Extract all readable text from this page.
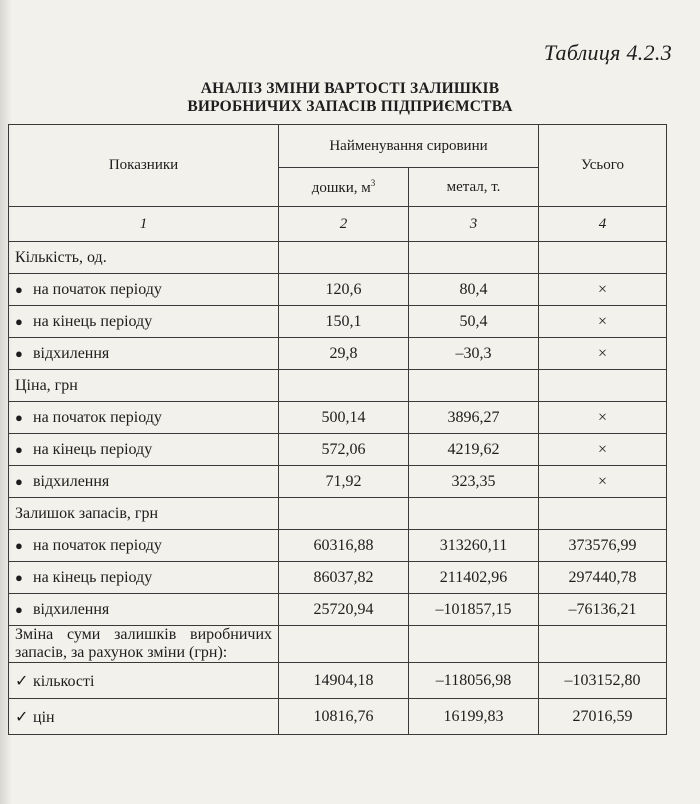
Таблиця 4.2.3
АНАЛІЗ ЗМІНИ ВАРТОСТІ ЗАЛИШКІВ
ВИРОБНИЧИХ ЗАПАСІВ ПІДПРИЄМСТВА
Показники	Найменування сировини		Усього
	дошки, $м^3$	метал, т.	
1	2	3	4
Кількість, од.			
● на початок періоду	120,6	80,4	×
● на кінець періоду	150,1	50,4	×
● відхилення	29,8	–30,3	×
Ціна, грн			
● на початок періоду	500,14	3896,27	×
● на кінець періоду	572,06	4219,62	×
● відхилення	71,92	323,35	×
Залишок запасів, грн			
● на початок періоду	60316,88	313260,11	373576,99
● на кінець періоду	86037,82	211402,96	297440,78
● відхилення	25720,94	–101857,15	–76136,21
Зміна суми залишків виробничих запасів, за рахунок зміни (грн):			
✓ кількості	14904,18	–118056,98	–103152,80
✓ цін	10816,76	16199,83	27016,59
